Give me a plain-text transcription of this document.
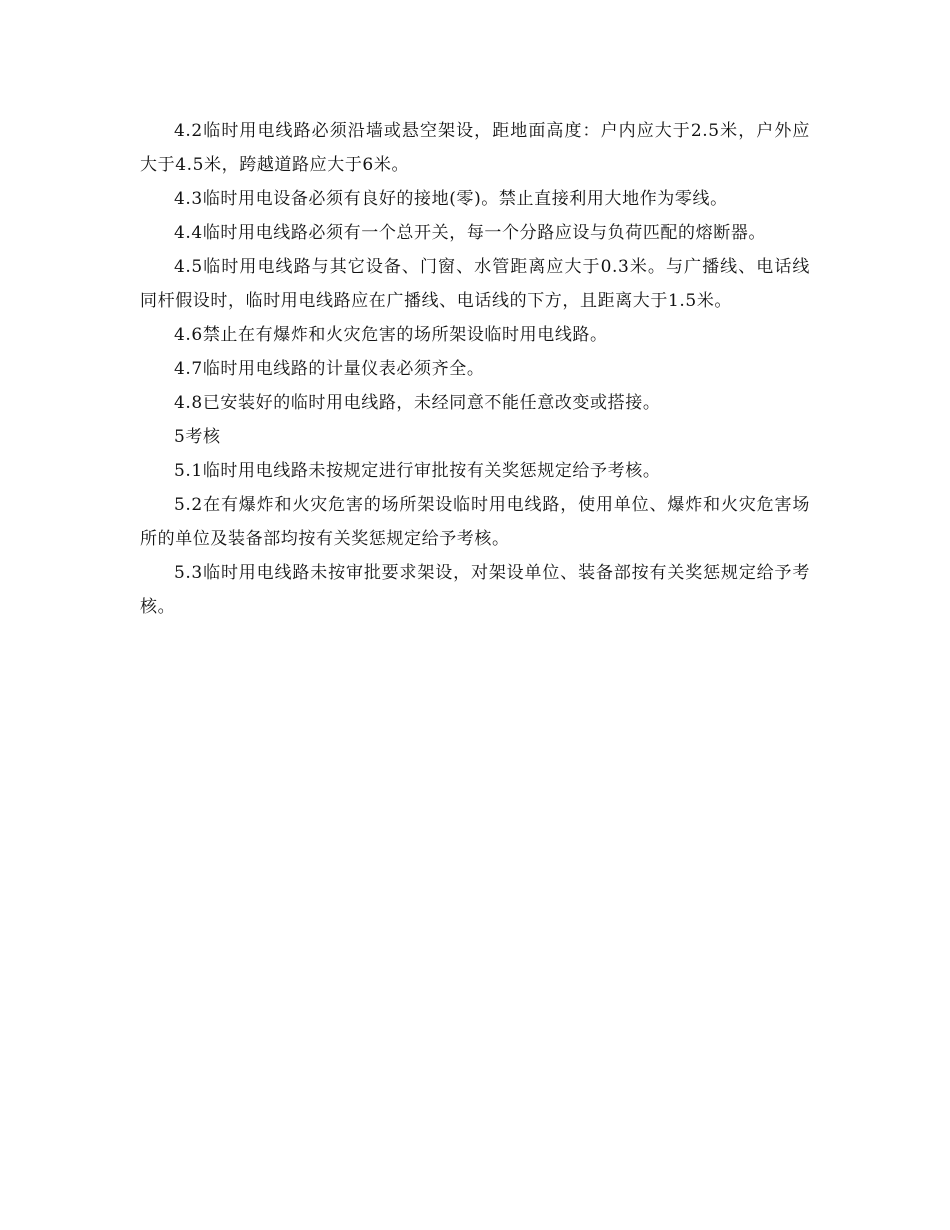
4.2临时用电线路必须沿墙或悬空架设，距地面高度：户内应大于2.5米，户外应大于4.5米，跨越道路应大于6米。

4.3临时用电设备必须有良好的接地(零)。禁止直接利用大地作为零线。

4.4临时用电线路必须有一个总开关，每一个分路应设与负荷匹配的熔断器。

4.5临时用电线路与其它设备、门窗、水管距离应大于0.3米。与广播线、电话线同杆假设时，临时用电线路应在广播线、电话线的下方，且距离大于1.5米。

4.6禁止在有爆炸和火灾危害的场所架设临时用电线路。

4.7临时用电线路的计量仪表必须齐全。

4.8已安装好的临时用电线路，未经同意不能任意改变或搭接。

5考核

5.1临时用电线路未按规定进行审批按有关奖惩规定给予考核。

5.2在有爆炸和火灾危害的场所架设临时用电线路，使用单位、爆炸和火灾危害场所的单位及装备部均按有关奖惩规定给予考核。

5.3临时用电线路未按审批要求架设，对架设单位、装备部按有关奖惩规定给予考核。
